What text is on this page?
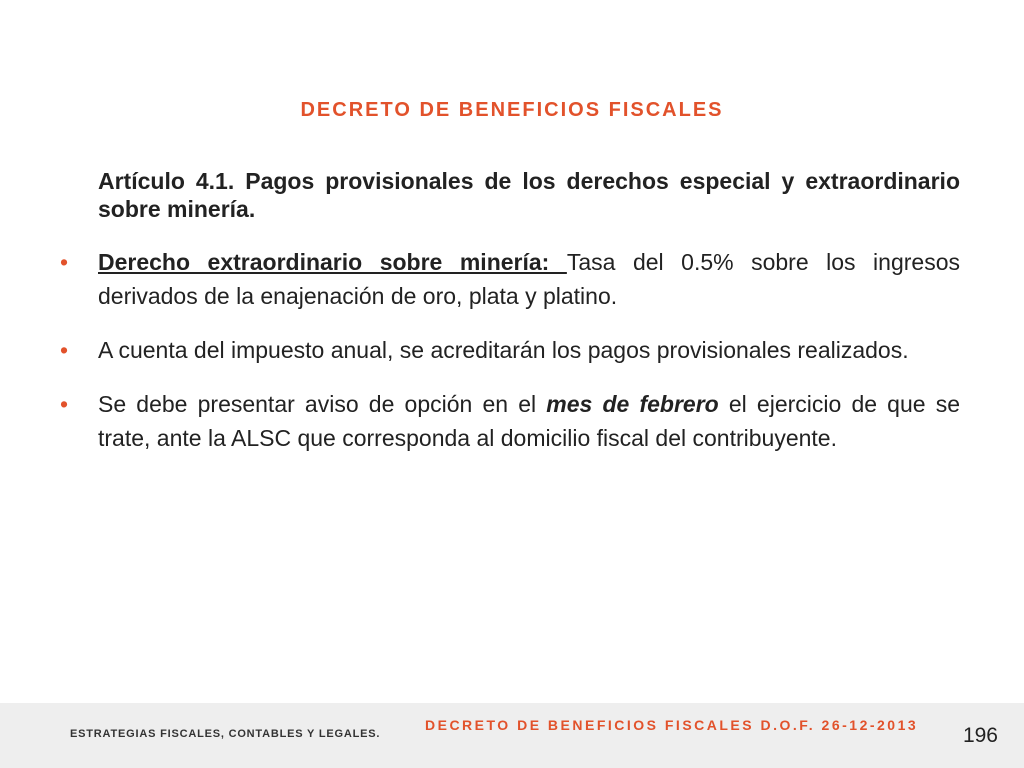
DECRETO DE BENEFICIOS FISCALES
Artículo 4.1. Pagos provisionales de los derechos especial y extraordinario sobre minería.
•	Derecho extraordinario sobre minería: Tasa del 0.5% sobre los ingresos derivados de la enajenación de oro, plata y platino.
•	A cuenta del impuesto anual, se acreditarán los pagos provisionales realizados.
•	Se debe presentar aviso de opción en el mes de febrero el ejercicio de que se trate, ante la ALSC que corresponda al domicilio fiscal del contribuyente.
ESTRATEGIAS FISCALES, CONTABLES Y LEGALES.
DECRETO DE BENEFICIOS FISCALES D.O.F. 26-12-2013 196
